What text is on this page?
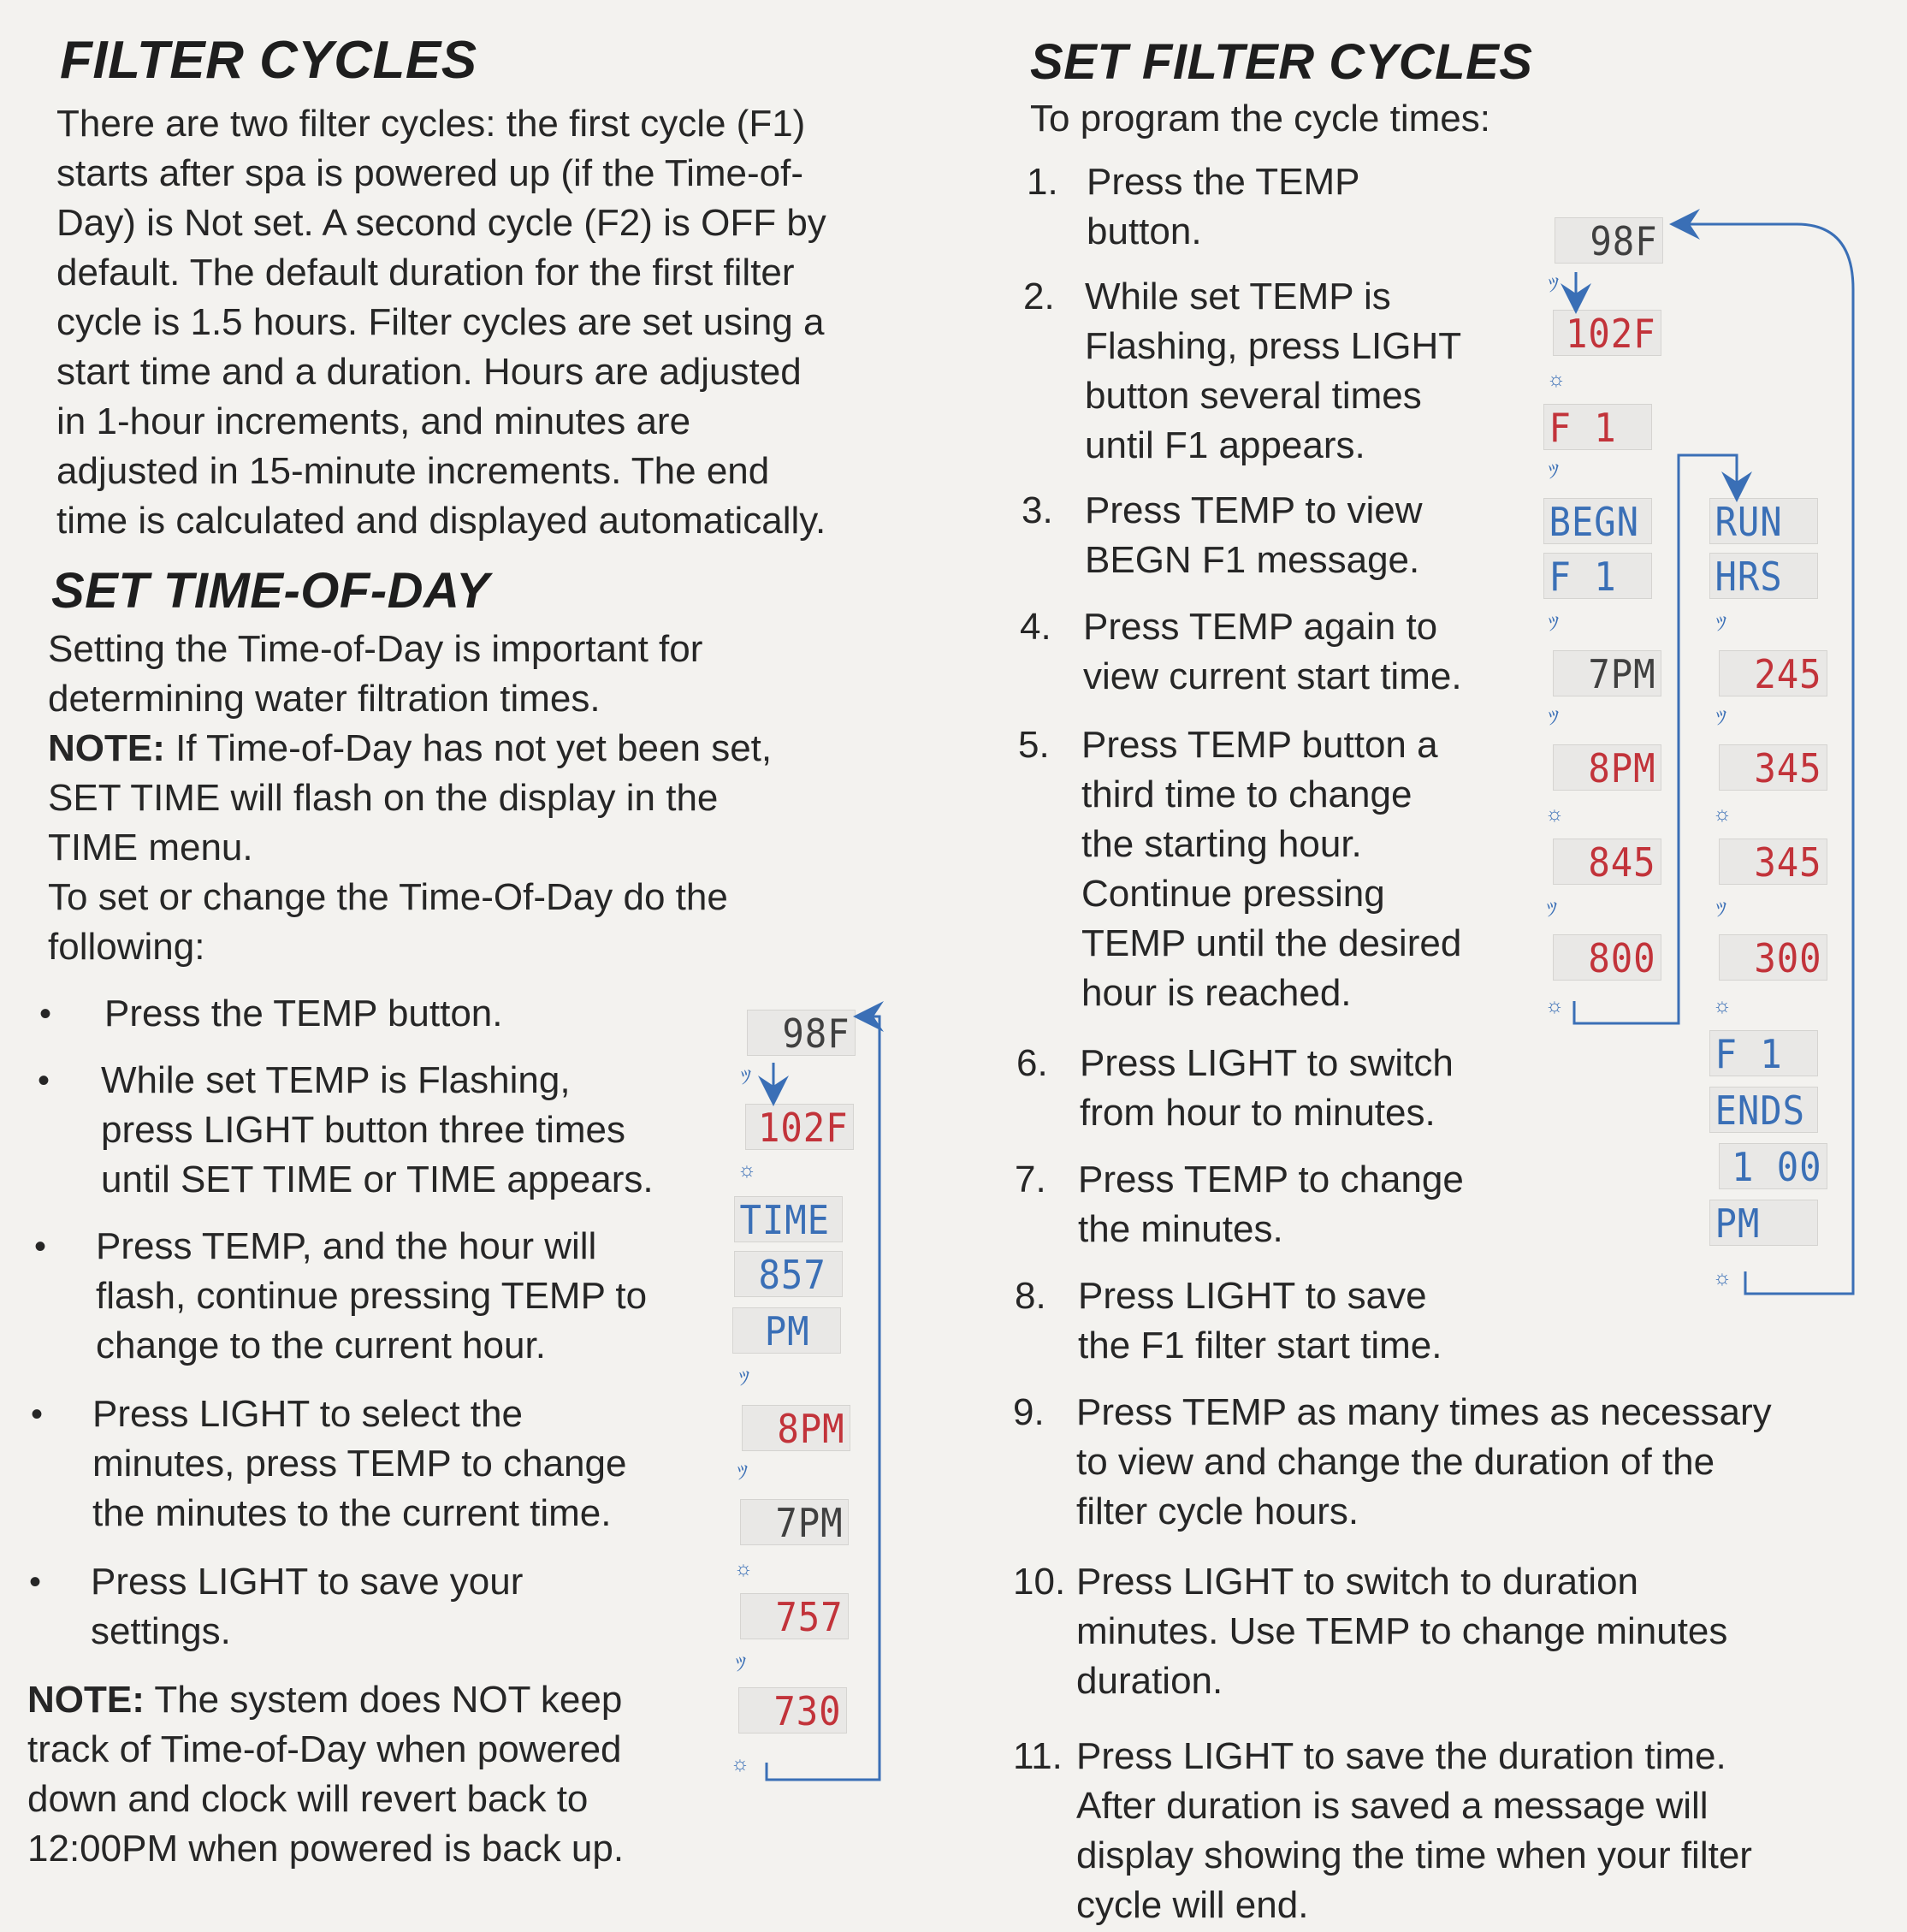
FILTER CYCLES
There are two filter cycles: the first cycle (F1)
starts after spa is powered up (if the Time-of-
Day) is Not set. A second cycle (F2) is OFF by
default. The default duration for the first filter
cycle is 1.5 hours. Filter cycles are set using a
start time and a duration. Hours are adjusted
in 1-hour increments, and minutes are
adjusted in 15-minute increments. The end
time is calculated and displayed automatically.
SET TIME-OF-DAY
Setting the Time-of-Day is important for
determining water filtration times.
NOTE: If Time-of-Day has not yet been set,
SET TIME will flash on the display in the
TIME menu.
To set or change the Time-Of-Day do the
following:
• Press the TEMP button.
• While set TEMP is Flashing,
press LIGHT button three times
until SET TIME or TIME appears.
• Press TEMP, and the hour will
flash, continue pressing TEMP to
change to the current hour.
• Press LIGHT to select the
minutes, press TEMP to change
the minutes to the current time.
• Press LIGHT to save your
settings.
NOTE: The system does NOT keep
track of Time-of-Day when powered
down and clock will revert back to
12:00PM when powered is back up.
98F
102F
TIME
857
PM
8PM
7PM
757
730
ﾂ
☼
ﾂ
ﾂ
☼
ﾂ
☼
SET FILTER CYCLES
To program the cycle times:
1. Press the TEMP
button.
2. While set TEMP is
Flashing, press LIGHT
button several times
until F1 appears.
3. Press TEMP to view
BEGN F1 message.
4. Press TEMP again to
view current start time.
5. Press TEMP button a
third time to change
the starting hour.
Continue pressing
TEMP until the desired
hour is reached.
6. Press LIGHT to switch
from hour to minutes.
7. Press TEMP to change
the minutes.
8. Press LIGHT to save
the F1 filter start time.
9. Press TEMP as many times as necessary
to view and change the duration of the
filter cycle hours.
10. Press LIGHT to switch to duration
minutes. Use TEMP to change minutes
duration.
11. Press LIGHT to save the duration time.
After duration is saved a message will
display showing the time when your filter
cycle will end.
98F
102F
F 1
BEGN
F 1
7PM
8PM
845
800
RUN
HRS
245
345
345
300
F 1
ENDS
1 00
PM
ﾂ
☼
ﾂ
ﾂ
ﾂ
☼
ﾂ
☼
ﾂ
ﾂ
☼
ﾂ
☼
☼
